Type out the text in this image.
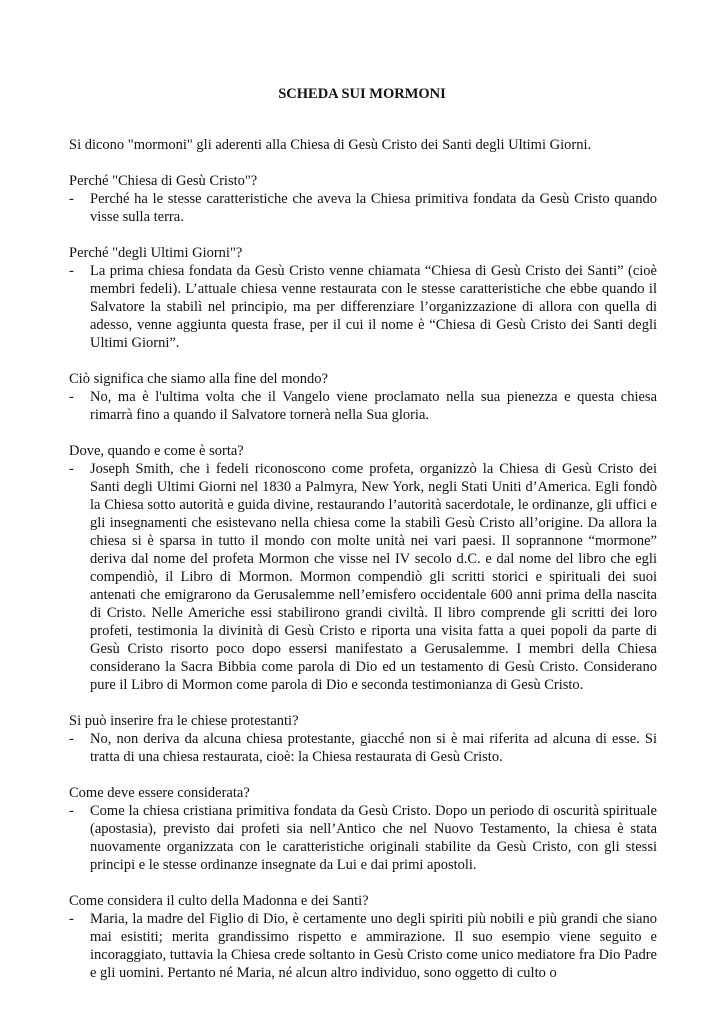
SCHEDA SUI MORMONI

Si dicono "mormoni" gli aderenti alla Chiesa di Gesù Cristo dei Santi degli Ultimi Giorni.

Perché "Chiesa di Gesù Cristo"?

-	Perché ha le stesse caratteristiche che aveva la Chiesa primitiva fondata da Gesù Cristo quando visse sulla terra.

Perché "degli Ultimi Giorni"?

-	La prima chiesa fondata da Gesù Cristo venne chiamata “Chiesa di Gesù Cristo dei Santi” (cioè membri fedeli). L’attuale chiesa venne restaurata con le stesse caratteristiche che ebbe quando il Salvatore la stabilì nel principio, ma per differenziare l’organizzazione di allora con quella di adesso, venne aggiunta questa frase, per il cui il nome è “Chiesa di Gesù Cristo dei Santi degli Ultimi Giorni”.

Ciò significa che siamo alla fine del mondo?

-	No, ma è l'ultima volta che il Vangelo viene proclamato nella sua pienezza e questa chiesa rimarrà fino a quando il Salvatore tornerà nella Sua gloria.

Dove, quando e come è sorta?

-	Joseph Smith, che i fedeli riconoscono come profeta, organizzò la Chiesa di Gesù Cristo dei Santi degli Ultimi Giorni nel 1830 a Palmyra, New York, negli Stati Uniti d’America. Egli fondò la Chiesa sotto autorità e guida divine, restaurando l’autorità sacerdotale, le ordinanze, gli uffici e gli insegnamenti che esistevano nella chiesa come la stabilì Gesù Cristo all’origine. Da allora la chiesa si è sparsa in tutto il mondo con molte unità nei vari paesi. Il soprannone “mormone” deriva dal nome del profeta Mormon che visse nel IV secolo d.C. e dal nome del libro che egli compendiò, il Libro di Mormon. Mormon compendiò gli scritti storici e spirituali dei suoi antenati che emigrarono da Gerusalemme nell’emisfero occidentale 600 anni prima della nascita di Cristo. Nelle Americhe essi stabilirono grandi civiltà. Il libro comprende gli scritti dei loro profeti, testimonia la divinità di Gesù Cristo e riporta una visita fatta a quei popoli da parte di Gesù Cristo risorto poco dopo essersi manifestato a Gerusalemme. I membri della Chiesa considerano la Sacra Bibbia come parola di Dio ed un testamento di Gesù Cristo. Considerano pure il Libro di Mormon come parola di Dio e seconda testimonianza di Gesù Cristo.

Si può inserire fra le chiese protestanti?

-	No, non deriva da alcuna chiesa protestante, giacché non si è mai riferita ad alcuna di esse. Si tratta di una chiesa restaurata, cioè: la Chiesa restaurata di Gesù Cristo.

Come deve essere considerata?

-	Come la chiesa cristiana primitiva fondata da Gesù Cristo. Dopo un periodo di oscurità spirituale (apostasia), previsto dai profeti sia nell’Antico che nel Nuovo Testamento, la chiesa è stata nuovamente organizzata con le caratteristiche originali stabilite da Gesù Cristo, con gli stessi principi e le stesse ordinanze insegnate da Lui e dai primi apostoli.

Come considera il culto della Madonna e dei Santi?

-	Maria, la madre del Figlio di Dio, è certamente uno degli spiriti più nobili e più grandi che siano mai esistiti; merita grandissimo rispetto e ammirazione. Il suo esempio viene seguito e incoraggiato, tuttavia la Chiesa crede soltanto in Gesù Cristo come unico mediatore fra Dio Padre e gli uomini. Pertanto né Maria, né alcun altro individuo, sono oggetto di culto o
